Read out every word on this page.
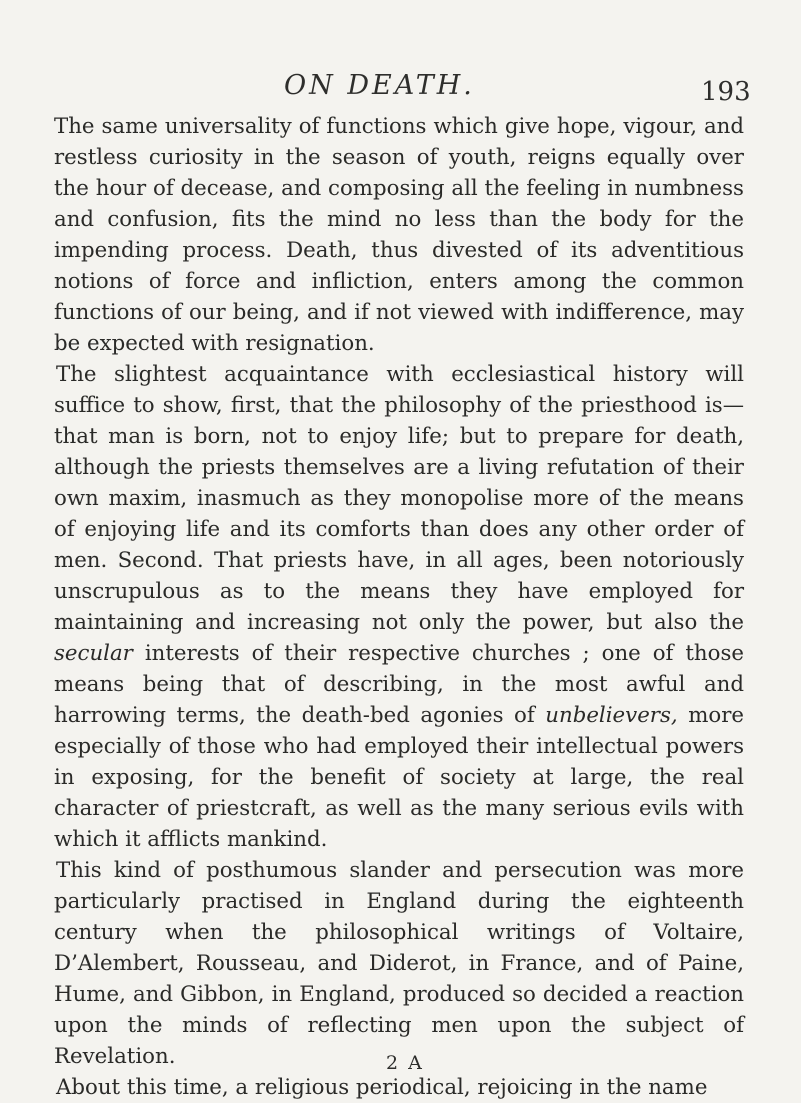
ON DEATH.	193

The same universality of functions which give hope, vigour, and restless curiosity in the season of youth, reigns equally over the hour of decease, and composing all the feeling in numbness and confusion, fits the mind no less than the body for the impending process. Death, thus divested of its adventitious notions of force and infliction, enters among the common functions of our being, and if not viewed with indifference, may be expected with resignation.

The slightest acquaintance with ecclesiastical history will suffice to show, first, that the philosophy of the priesthood is— that man is born, not to enjoy life; but to prepare for death, although the priests themselves are a living refutation of their own maxim, inasmuch as they monopolise more of the means of enjoying life and its comforts than does any other order of men. Second. That priests have, in all ages, been notoriously unscrupulous as to the means they have employed for maintaining and increasing not only the power, but also the secular interests of their respective churches ; one of those means being that of describing, in the most awful and harrowing terms, the death-bed agonies of unbelievers, more especially of those who had employed their intellectual powers in exposing, for the benefit of society at large, the real character of priestcraft, as well as the many serious evils with which it afflicts mankind.

This kind of posthumous slander and persecution was more particularly practised in England during the eighteenth century when the philosophical writings of Voltaire, D’Alembert, Rousseau, and Diderot, in France, and of Paine, Hume, and Gibbon, in England, produced so decided a reaction upon the minds of reflecting men upon the subject of Revelation.

About this time, a religious periodical, rejoicing in the name

2 A
